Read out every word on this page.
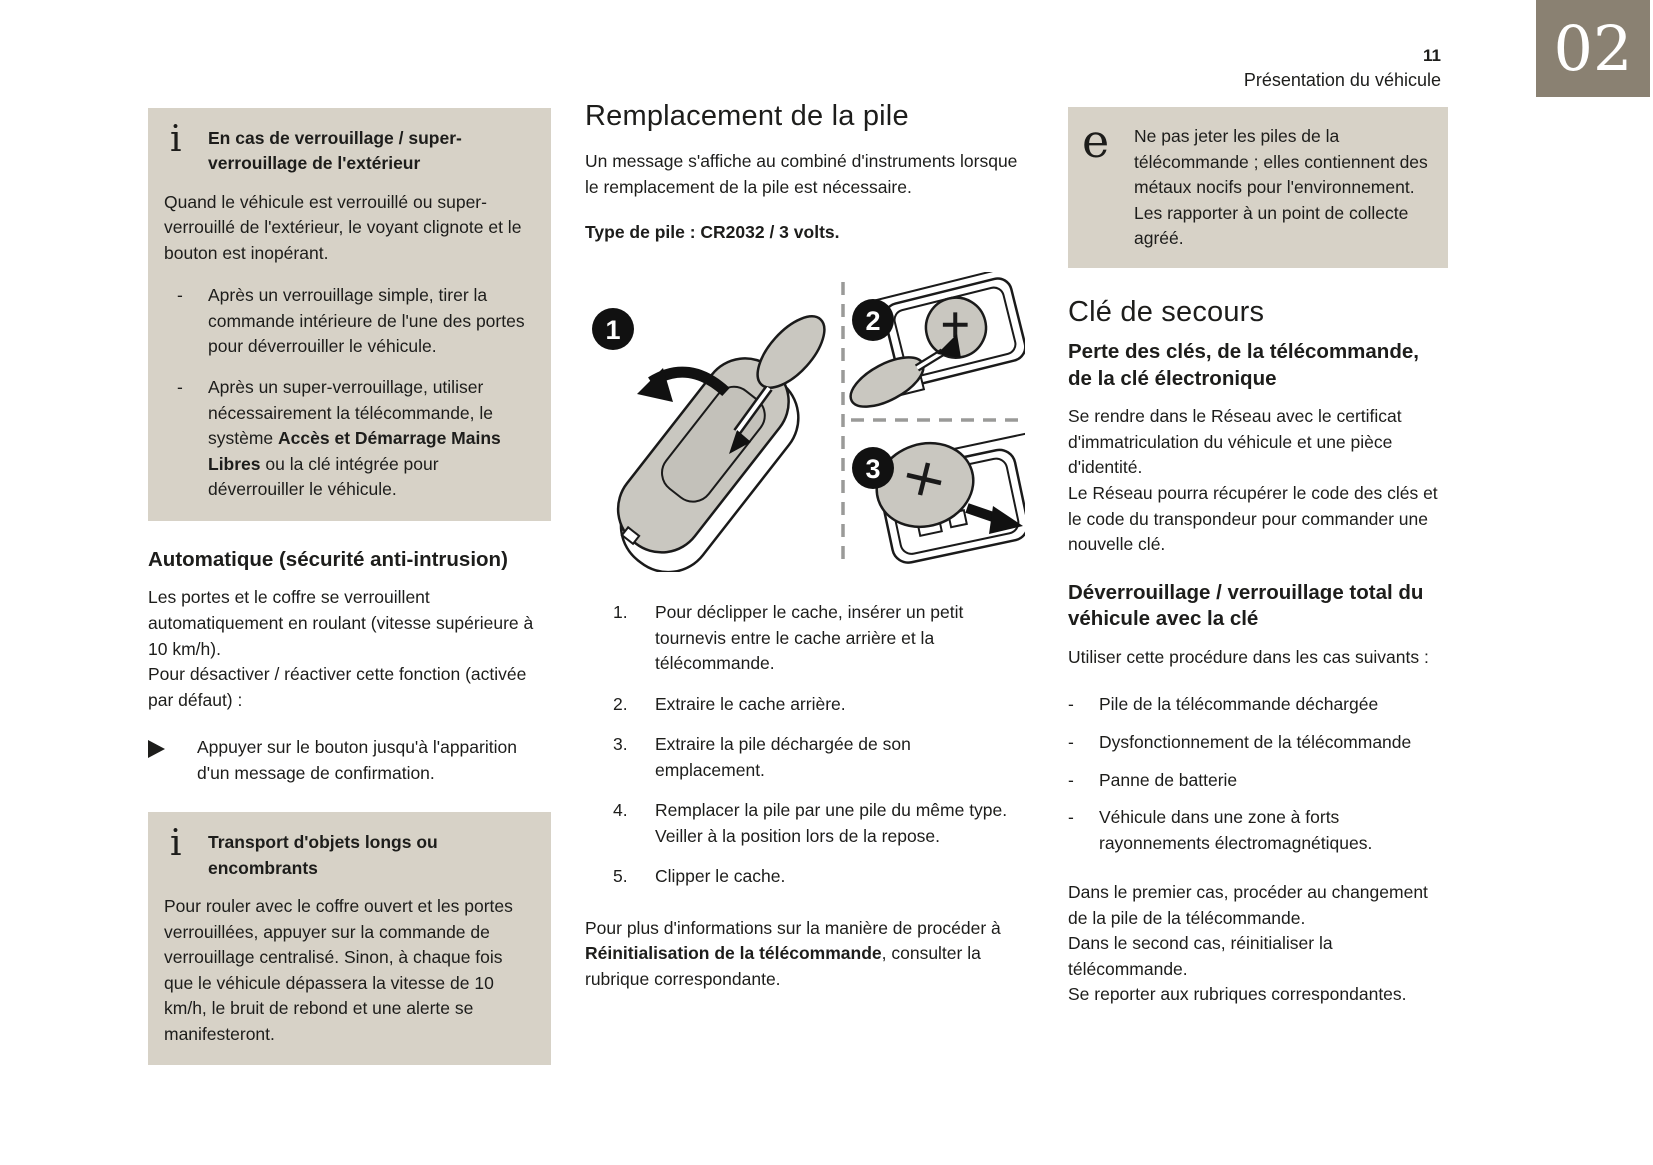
11
Présentation du véhicule 02
i	En cas de verrouillage / super-verrouillage de l'extérieur

Quand le véhicule est verrouillé ou super-verrouillé de l'extérieur, le voyant clignote et le bouton est inopérant.

- Après un verrouillage simple, tirer la commande intérieure de l'une des portes pour déverrouiller le véhicule.
- Après un super-verrouillage, utiliser nécessairement la télécommande, le système Accès et Démarrage Mains Libres ou la clé intégrée pour déverrouiller le véhicule.
Automatique (sécurité anti-intrusion)
Les portes et le coffre se verrouillent automatiquement en roulant (vitesse supérieure à 10 km/h).
Pour désactiver / réactiver cette fonction (activée par défaut) :
Appuyer sur le bouton jusqu'à l'apparition d'un message de confirmation.
i	Transport d'objets longs ou encombrants

Pour rouler avec le coffre ouvert et les portes verrouillées, appuyer sur la commande de verrouillage centralisé. Sinon, à chaque fois que le véhicule dépassera la vitesse de 10 km/h, le bruit de rebond et une alerte se manifesteront.

Remplacement de la pile

Un message s'affiche au combiné d'instruments lorsque le remplacement de la pile est nécessaire.

Type de pile : CR2032 / 3 volts.

1	2
3
Pour déclipper le cache, insérer un petit tournevis entre le cache arrière et la télécommande.
Extraire le cache arrière.
Extraire la pile déchargée de son emplacement.
Remplacer la pile par une pile du même type. Veiller à la position lors de la repose.
Clipper le cache.

Pour plus d'informations sur la manière de procéder à Réinitialisation de la télécommande, consulter la rubrique correspondante.

e	Ne pas jeter les piles de la télécommande ; elles contiennent des métaux nocifs pour l'environnement. Les rapporter à un point de collecte agréé.
Clé de secours
Perte des clés, de la télécommande, de la clé électronique
Se rendre dans le Réseau avec le certificat d'immatriculation du véhicule et une pièce d'identité.
Le Réseau pourra récupérer le code des clés et le code du transpondeur pour commander une nouvelle clé.
Déverrouillage / verrouillage total du véhicule avec la clé

Utiliser cette procédure dans les cas suivants :

- Pile de la télécommande déchargée
- Dysfonctionnement de la télécommande
- Panne de batterie
- Véhicule dans une zone à forts rayonnements électromagnétiques.
Dans le premier cas, procéder au changement de la pile de la télécommande.
Dans le second cas, réinitialiser la télécommande.
Se reporter aux rubriques correspondantes.
